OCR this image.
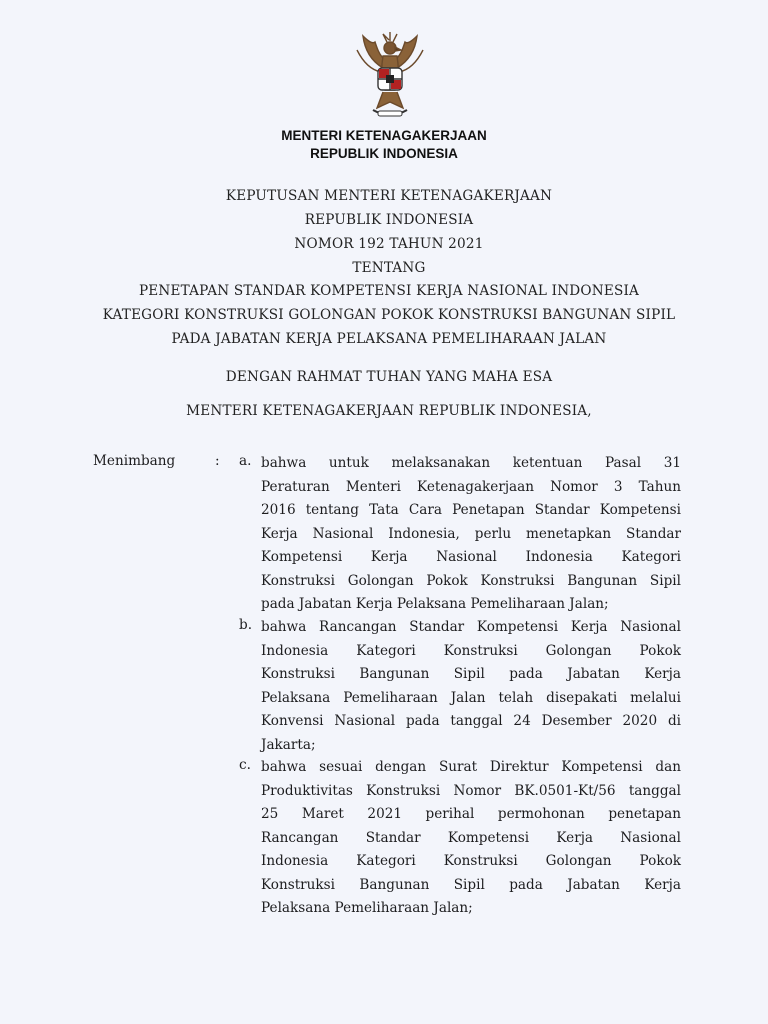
MENTERI KETENAGAKERJAAN
REPUBLIK INDONESIA
KEPUTUSAN MENTERI KETENAGAKERJAAN
REPUBLIK INDONESIA
NOMOR 192 TAHUN 2021
TENTANG
PENETAPAN STANDAR KOMPETENSI KERJA NASIONAL INDONESIA
KATEGORI KONSTRUKSI GOLONGAN POKOK KONSTRUKSI BANGUNAN SIPIL
PADA JABATAN KERJA PELAKSANA PEMELIHARAAN JALAN
DENGAN RAHMAT TUHAN YANG MAHA ESA
MENTERI KETENAGAKERJAAN REPUBLIK INDONESIA,
Menimbang	: a. bahwa untuk melaksanakan ketentuan Pasal 31
Peraturan Menteri Ketenagakerjaan Nomor 3 Tahun
2016 tentang Tata Cara Penetapan Standar Kompetensi
Kerja Nasional Indonesia, perlu menetapkan Standar
Kompetensi Kerja Nasional Indonesia Kategori
Konstruksi Golongan Pokok Konstruksi Bangunan Sipil
pada Jabatan Kerja Pelaksana Pemeliharaan Jalan;
b. bahwa Rancangan Standar Kompetensi Kerja Nasional
Indonesia Kategori Konstruksi Golongan Pokok
Konstruksi Bangunan Sipil pada Jabatan Kerja
Pelaksana Pemeliharaan Jalan telah disepakati melalui
Konvensi Nasional pada tanggal 24 Desember 2020 di
Jakarta;
c. bahwa sesuai dengan Surat Direktur Kompetensi dan
Produktivitas Konstruksi Nomor BK.0501-Kt/56 tanggal
25 Maret 2021 perihal permohonan penetapan
Rancangan Standar Kompetensi Kerja Nasional
Indonesia Kategori Konstruksi Golongan Pokok
Konstruksi Bangunan Sipil pada Jabatan Kerja
Pelaksana Pemeliharaan Jalan;
